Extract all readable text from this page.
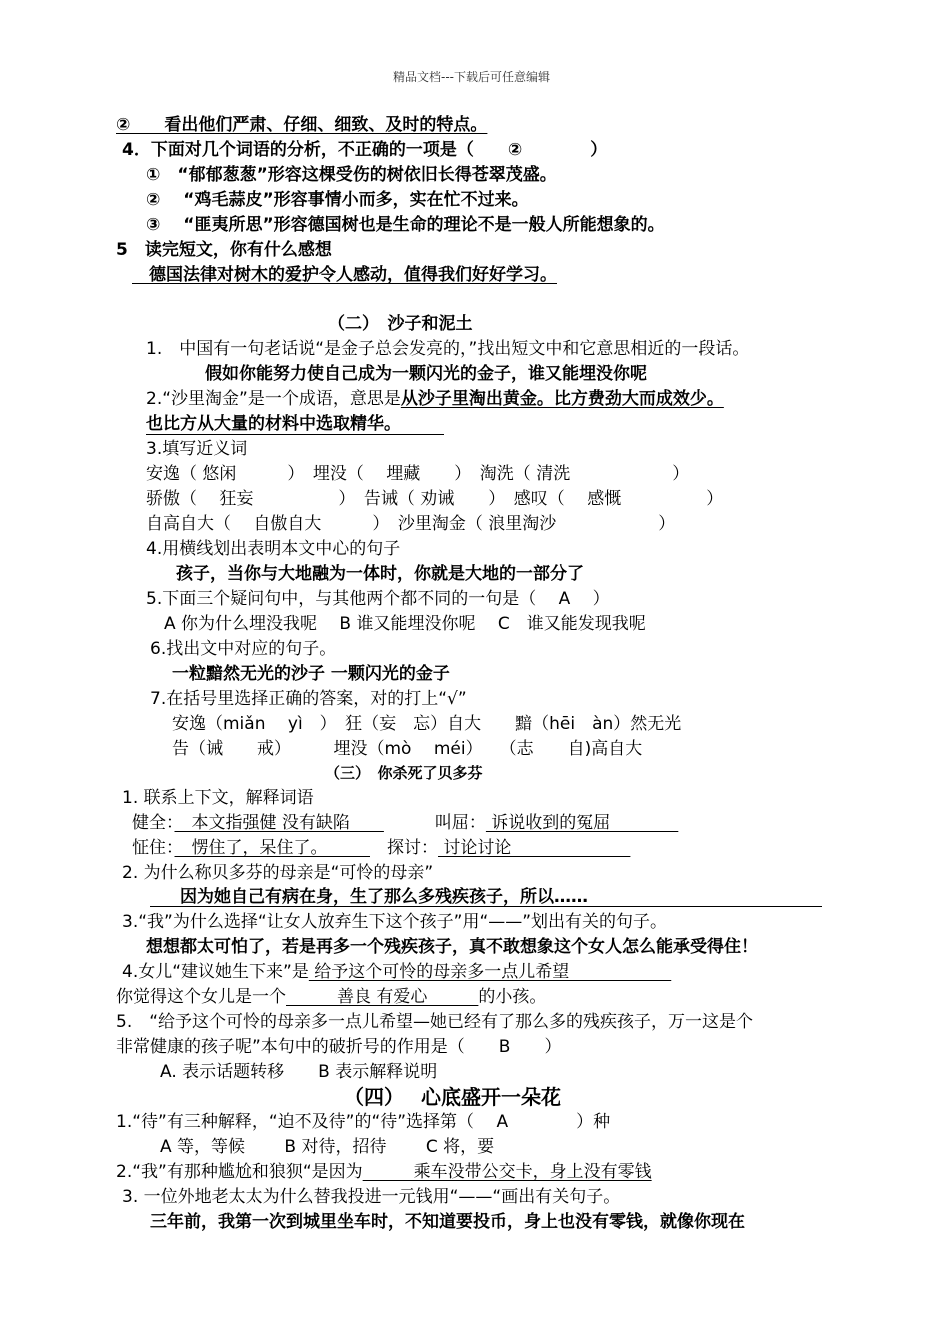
精品文档---下载后可任意编辑
②　　看出他们严肃、仔细、细致、及时的特点。
4．下面对几个词语的分析，不正确的一项是（　　②　　　　）
①　“郁郁葱葱”形容这棵受伤的树依旧长得苍翠茂盛。
②　 “鸡毛蒜皮”形容事情小而多，实在忙不过来。
③　 “匪夷所思”形容德国树也是生命的理论不是一般人所能想象的。
5　读完短文，你有什么感想
　德国法律对树木的爱护令人感动，值得我们好好学习。
（二）　沙子和泥土
1.　中国有一句老话说“是金子总会发亮的，”找出短文中和它意思相近的一段话。
假如你能努力使自己成为一颗闪光的金子，谁又能埋没你呢
2.“沙里淘金”是一个成语，意思是从沙子里淘出黄金。比方费劲大而成效少。
也比方从大量的材料中选取精华。
3.填写近义词
安逸（ 悠闲　　　）　埋没（　 埋藏　　）　淘洗（ 清洗　　　　　　）
骄傲（　 狂妄　　　　　）　告诫（ 劝诫　　）　感叹（　 感慨　　　　　）
自高自大（　 自傲自大　　　）　沙里淘金（ 浪里淘沙　　　　　　）
4.用横线划出表明本文中心的句子
孩子，当你与大地融为一体时，你就是大地的一部分了
5.下面三个疑问句中，与其他两个都不同的一句是（　 A　 ）
A 你为什么埋没我呢　 B 谁又能埋没你呢　 C　谁又能发现我呢
6.找出文中对应的句子。
一粒黯然无光的沙子 一颗闪光的金子
7.在括号里选择正确的答案，对的打上“√”
安逸（miǎn　 yì　）　狂（妄　忘）自大　　黯（hēi　àn）然无光
告（诫　　戒）　　　埋没（mò　 méi）　　（志　　自)高自大
（三）　你杀死了贝多芬
1. 联系上下文，解释词语
健全：　本文指强健 没有缺陷　　　　　	叫屈： 诉说收到的冤屈　　　　
怔住：　愣住了，呆住了。　　　　探讨： 讨论讨论　　　　　　　
2. 为什么称贝多芬的母亲是“可怜的母亲”
因为她自己有病在身，生了那么多残疾孩子，所以……
3.“我”为什么选择“让女人放弃生下这个孩子”用“——”划出有关的句子。
想想都太可怕了，若是再多一个残疾孩子，真不敢想象这个女人怎么能承受得住！
4.女儿“建议她生下来”是 给予这个可怜的母亲多一点儿希望　　　　　　
你觉得这个女儿是一个　　　善良 有爱心　　　的小孩。
5.　“给予这个可怜的母亲多一点儿希望—她已经有了那么多的残疾孩子，万一这是个
非常健康的孩子呢”本句中的破折号的作用是（　　B　　）
A. 表示话题转移　　B 表示解释说明
（四）　 心底盛开一朵花
1.“待”有三种解释，“迫不及待”的“待”选择第（　 A　　　　）种
A 等，等候　　 B 对待，招待　　 C 将，要
2.“我”有那种尴尬和狼狈“是因为　　　乘车没带公交卡，身上没有零钱
3. 一位外地老太太为什么替我投进一元钱用“——“画出有关句子。
三年前，我第一次到城里坐车时，不知道要投币，身上也没有零钱，就像你现在
